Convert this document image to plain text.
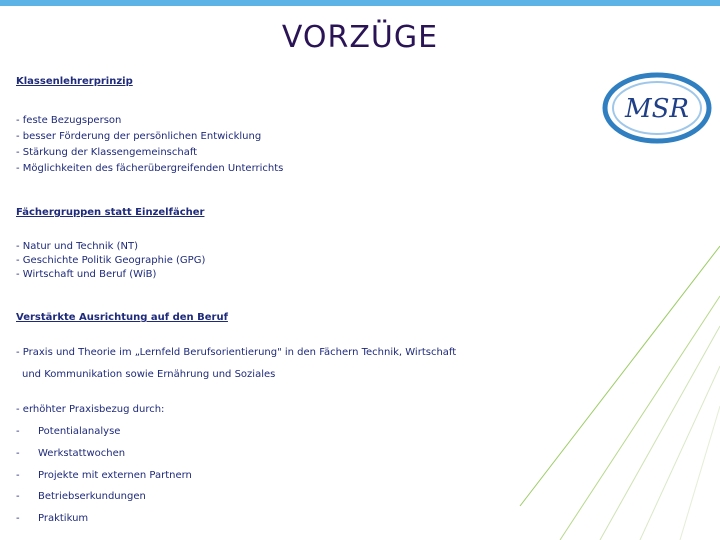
VORZÜGE
MSR
Klassenlehrerprinzip
- feste Bezugsperson
- besser Förderung der persönlichen Entwicklung
- Stärkung der Klassengemeinschaft
- Möglichkeiten des fächerübergreifenden Unterrichts
Fächergruppen statt Einzelfächer
- Natur und Technik (NT)
- Geschichte Politik Geographie (GPG)
- Wirtschaft und Beruf (WiB)
Verstärkte Ausrichtung auf den Beruf
- Praxis und Theorie im „Lernfeld Berufsorientierung" in den Fächern Technik, Wirtschaft
und Kommunikation sowie Ernährung und Soziales
- erhöhter Praxisbezug durch:
- Potentialanalyse
- Werkstattwochen
- Projekte mit externen Partnern
- Betriebserkundungen
- Praktikum
